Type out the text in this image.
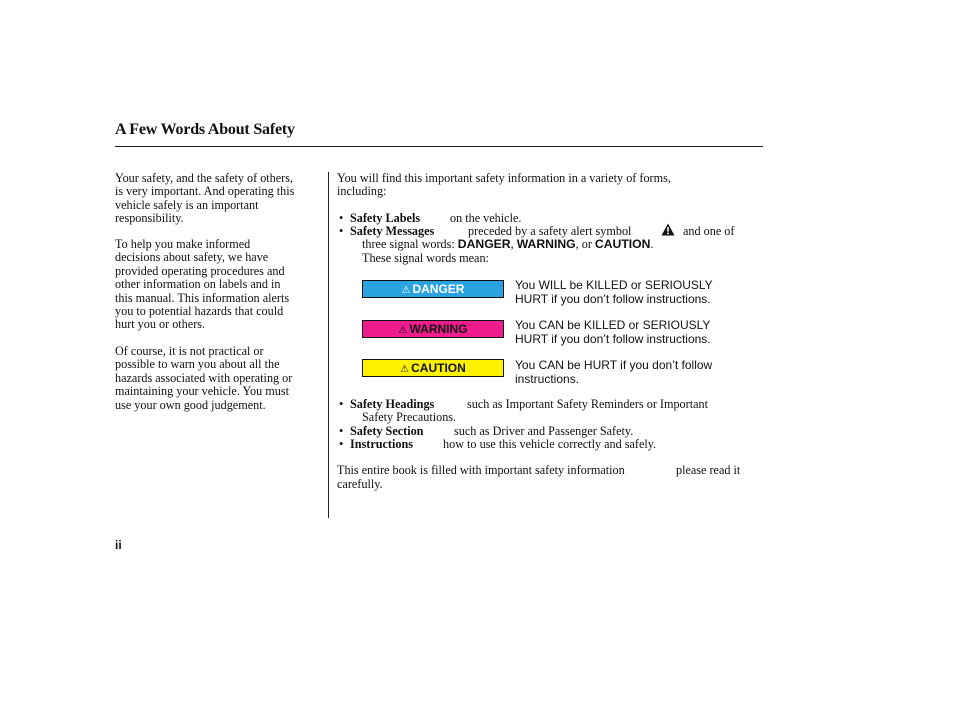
A Few Words About Safety
Your safety, and the safety of others,
is very important. And operating this
vehicle safely is an important
responsibility.
To help you make informed
decisions about safety, we have
provided operating procedures and
other information on labels and in
this manual. This information alerts
you to potential hazards that could
hurt you or others.
Of course, it is not practical or
possible to warn you about all the
hazards associated with operating or
maintaining your vehicle. You must
use your own good judgement.
You will find this important safety information in a variety of forms,
including:
• Safety Labels on the vehicle.
• Safety Messages	preceded by a safety alert symbol	and one of
three signal words: DANGER, WARNING, or CAUTION.
These signal words mean:
⚠ DANGER	You WILL be KILLED or SERIOUSLY
HURT if you don’t follow instructions.
⚠ WARNING	You CAN be KILLED or SERIOUSLY
HURT if you don’t follow instructions.
⚠ CAUTION	You CAN be HURT if you don’t follow
instructions.
• Safety Headings	such as Important Safety Reminders or Important
Safety Precautions.
• Safety Section	such as Driver and Passenger Safety.
• Instructions how to use this vehicle correctly and safely.
This entire book is filled with important safety information	please read it
carefully.
ii
